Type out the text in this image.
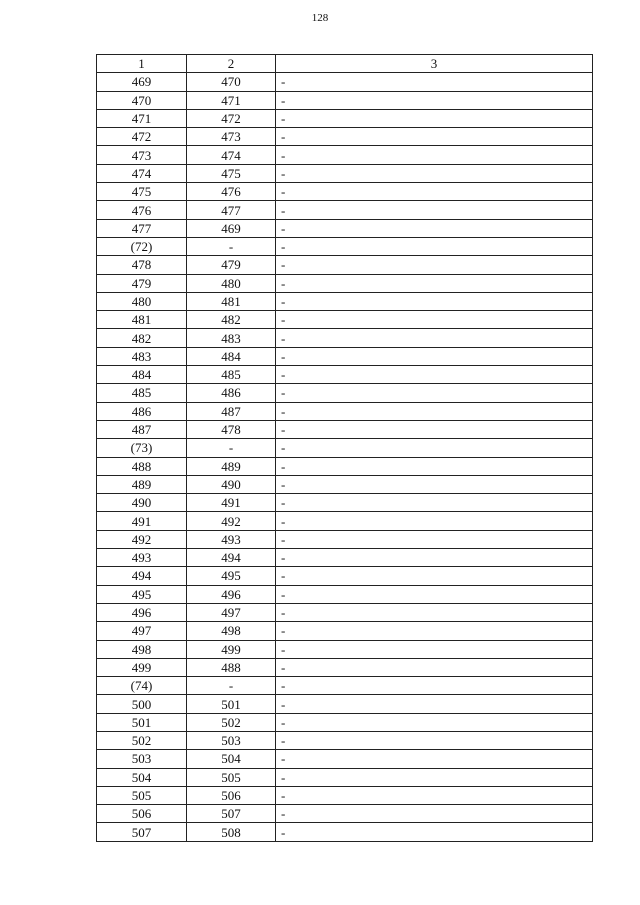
128
1	2	3
469	470	-
470	471	-
471	472	-
472	473	-
473	474	-
474	475	-
475	476	-
476	477	-
477	469	-
(72)	-	-
478	479	-
479	480	-
480	481	-
481	482	-
482	483	-
483	484	-
484	485	-
485	486	-
486	487	-
487	478	-
(73)	-	-
488	489	-
489	490	-
490	491	-
491	492	-
492	493	-
493	494	-
494	495	-
495	496	-
496	497	-
497	498	-
498	499	-
499	488	-
(74)	-	-
500	501	-
501	502	-
502	503	-
503	504	-
504	505	-
505	506	-
506	507	-
507	508	-
